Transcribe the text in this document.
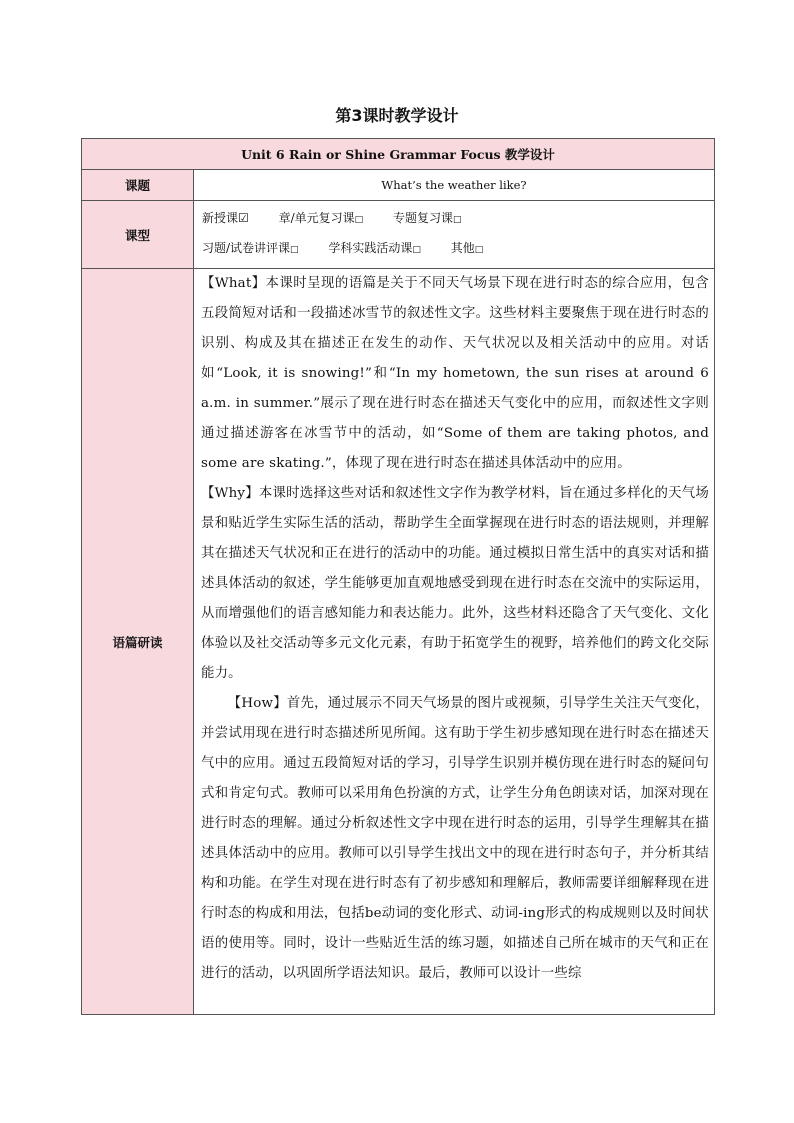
第3课时教学设计
Unit 6 Rain or Shine Grammar Focus 教学设计	
课题	What’s the weather like?
课型	新授课☑ 章/单元复习课□ 专题复习课□
习题/试卷讲评课□ 学科实践活动课□ 其他□

语篇研读	【What】本课时呈现的语篇是关于不同天气场景下现在进行时态的综合应用，包含五段简短对话和一段描述冰雪节的叙述性文字。这些材料主要聚焦于现在进行时态的识别、构成及其在描述正在发生的动作、天气状况以及相关活动中的应用。对话如“Look, it is snowing!”和“In my hometown, the sun rises at around 6 a.m. in summer.”展示了现在进行时态在描述天气变化中的应用，而叙述性文字则通过描述游客在冰雪节中的活动，如“Some of them are taking photos, and some are skating.”，体现了现在进行时态在描述具体活动中的应用。

【Why】本课时选择这些对话和叙述性文字作为教学材料，旨在通过多样化的天气场景和贴近学生实际生活的活动，帮助学生全面掌握现在进行时态的语法规则，并理解其在描述天气状况和正在进行的活动中的功能。通过模拟日常生活中的真实对话和描述具体活动的叙述，学生能够更加直观地感受到现在进行时态在交流中的实际运用，从而增强他们的语言感知能力和表达能力。此外，这些材料还隐含了天气变化、文化体验以及社交活动等多元文化元素，有助于拓宽学生的视野，培养他们的跨文化交际能力。

【How】首先，通过展示不同天气场景的图片或视频，引导学生关注天气变化，并尝试用现在进行时态描述所见所闻。这有助于学生初步感知现在进行时态在描述天气中的应用。通过五段简短对话的学习，引导学生识别并模仿现在进行时态的疑问句式和肯定句式。教师可以采用角色扮演的方式，让学生分角色朗读对话，加深对现在进行时态的理解。通过分析叙述性文字中现在进行时态的运用，引导学生理解其在描述具体活动中的应用。教师可以引导学生找出文中的现在进行时态句子，并分析其结构和功能。在学生对现在进行时态有了初步感知和理解后，教师需要详细解释现在进行时态的构成和用法，包括be动词的变化形式、动词-ing形式的构成规则以及时间状语的使用等。同时，设计一些贴近生活的练习题，如描述自己所在城市的天气和正在进行的活动，以巩固所学语法知识。最后，教师可以设计一些综
